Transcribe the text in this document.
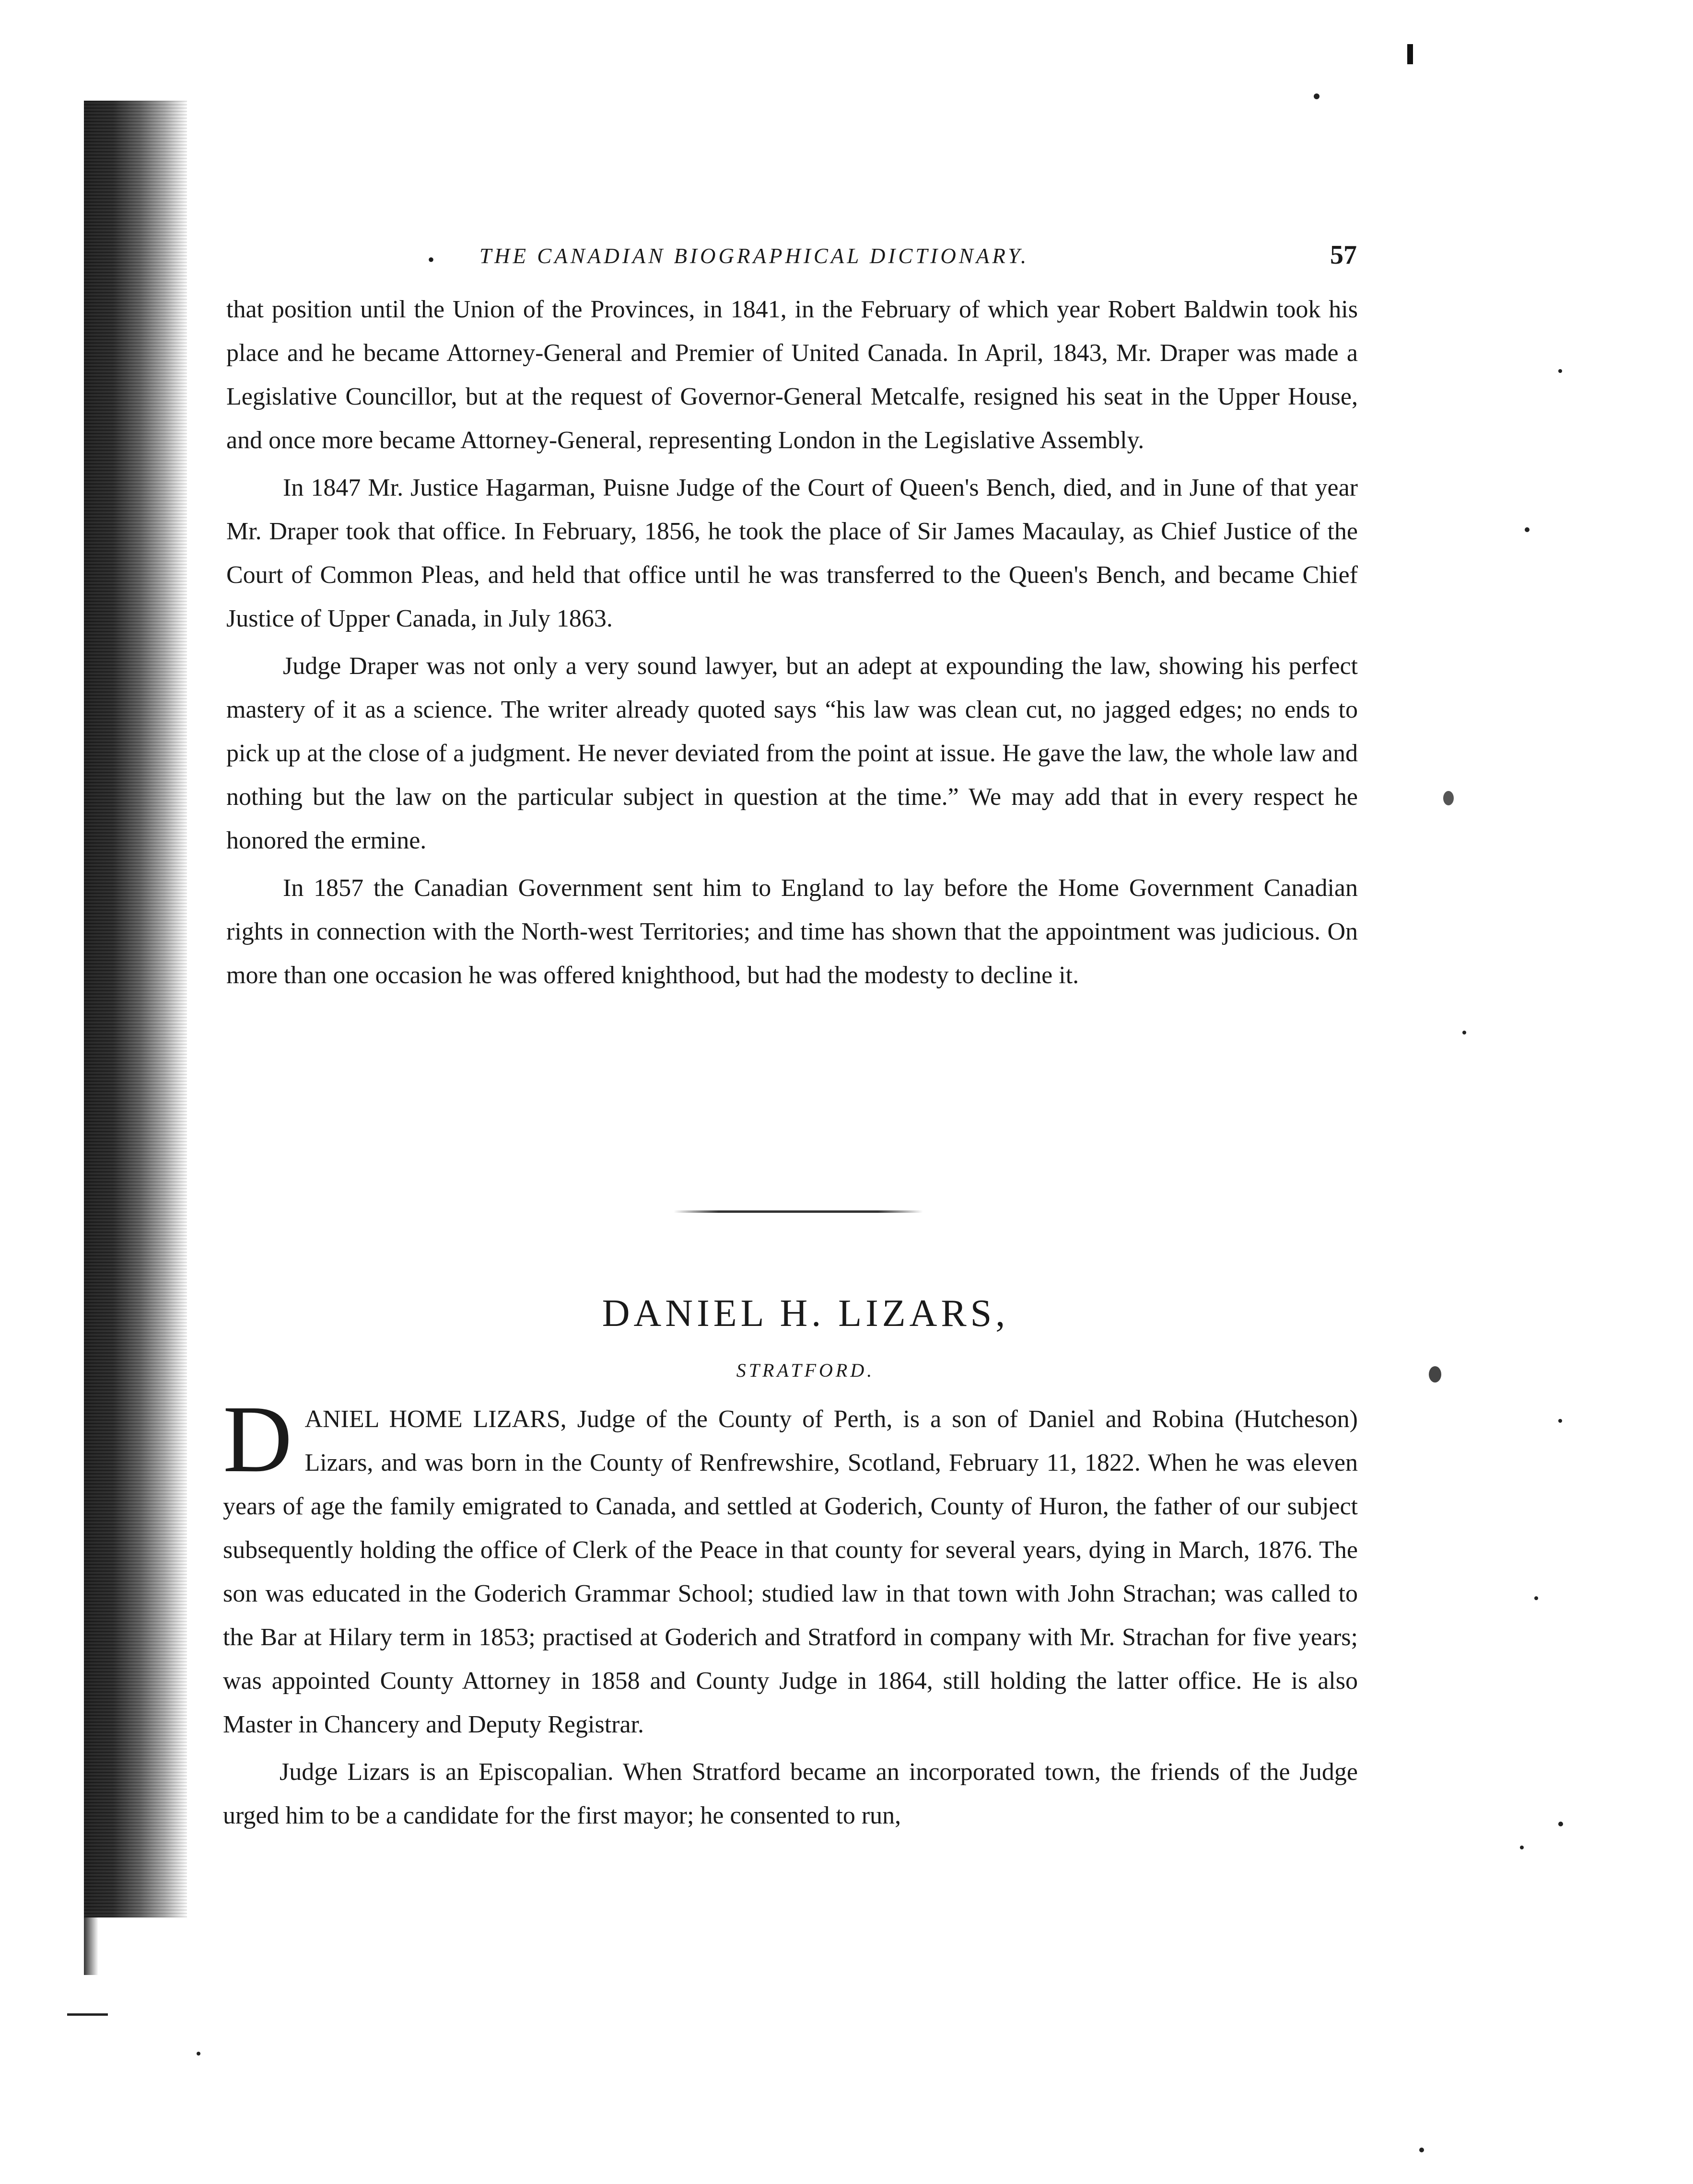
• THE CANADIAN BIOGRAPHICAL DICTIONARY.	57

that position until the Union of the Provinces, in 1841, in the February of which year Robert Baldwin took his place and he became Attorney-General and Premier of United Canada. In April, 1843, Mr. Draper was made a Legislative Councillor, but at the request of Governor-General Metcalfe, resigned his seat in the Upper House, and once more became Attorney-General, representing London in the Legislative Assembly.

In 1847 Mr. Justice Hagarman, Puisne Judge of the Court of Queen's Bench, died, and in June of that year Mr. Draper took that office. In February, 1856, he took the place of Sir James Macaulay, as Chief Justice of the Court of Common Pleas, and held that office until he was transferred to the Queen's Bench, and became Chief Justice of Upper Canada, in July 1863.

Judge Draper was not only a very sound lawyer, but an adept at expounding the law, showing his perfect mastery of it as a science. The writer already quoted says “his law was clean cut, no jagged edges; no ends to pick up at the close of a judgment. He never deviated from the point at issue. He gave the law, the whole law and nothing but the law on the particular subject in question at the time.” We may add that in every respect he honored the ermine.

In 1857 the Canadian Government sent him to England to lay before the Home Government Canadian rights in connection with the North-west Territories; and time has shown that the appointment was judicious. On more than one occasion he was offered knighthood, but had the modesty to decline it.

DANIEL H. LIZARS,
STRATFORD.

DANIEL HOME LIZARS, Judge of the County of Perth, is a son of Daniel and Robina (Hutcheson) Lizars, and was born in the County of Renfrewshire, Scotland, February 11, 1822. When he was eleven years of age the family emigrated to Canada, and settled at Goderich, County of Huron, the father of our subject subsequently holding the office of Clerk of the Peace in that county for several years, dying in March, 1876. The son was educated in the Goderich Grammar School; studied law in that town with John Strachan; was called to the Bar at Hilary term in 1853; practised at Goderich and Stratford in company with Mr. Strachan for five years; was appointed County Attorney in 1858 and County Judge in 1864, still holding the latter office. He is also Master in Chancery and Deputy Registrar.

Judge Lizars is an Episcopalian. When Stratford became an incorporated town, the friends of the Judge urged him to be a candidate for the first mayor; he consented to run,
